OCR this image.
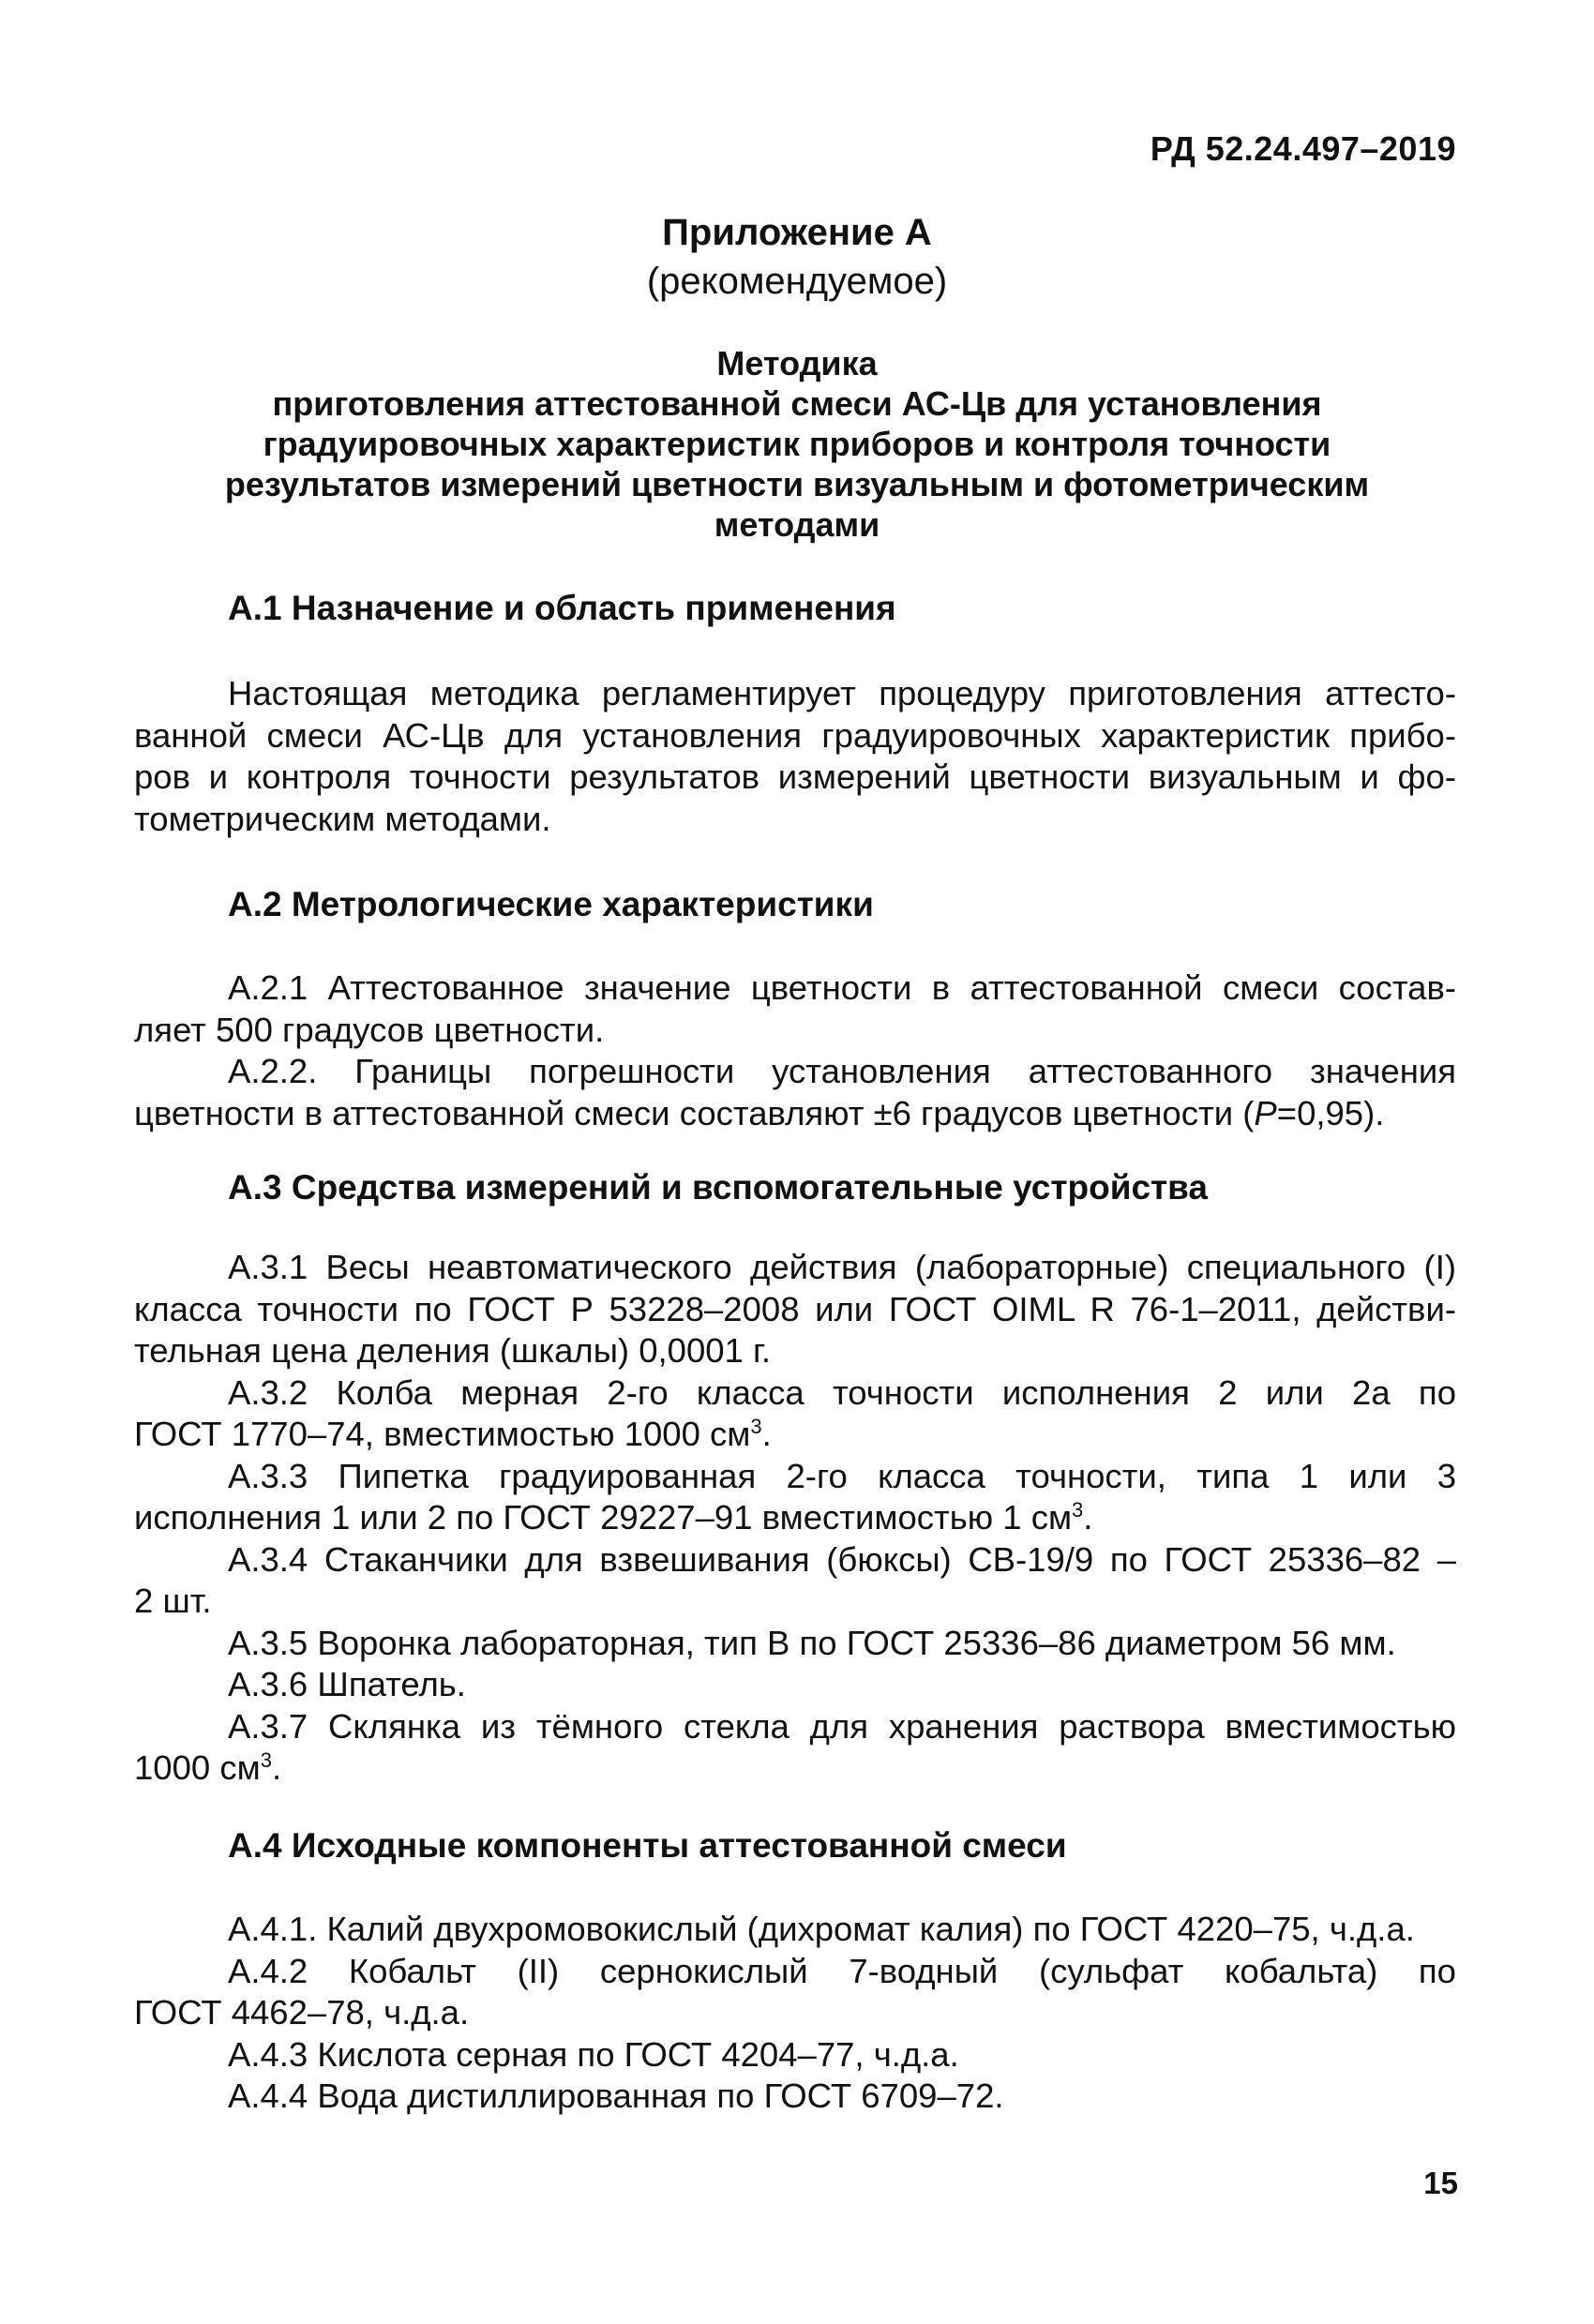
РД 52.24.497–2019
Приложение А
(рекомендуемое)
Методика
приготовления аттестованной смеси АС-Цв для установления
градуировочных характеристик приборов и контроля точности
результатов измерений цветности визуальным и фотометрическим
методами
А.1 Назначение и область применения
Настоящая методика регламентирует процедуру приготовления аттесто-
ванной смеси АС-Цв для установления градуировочных характеристик прибо-
ров и контроля точности результатов измерений цветности визуальным и фо-
тометрическим методами.
А.2 Метрологические характеристики
А.2.1 Аттестованное значение цветности в аттестованной смеси состав-
ляет 500 градусов цветности.
А.2.2. Границы погрешности установления аттестованного значения
цветности в аттестованной смеси составляют ±6 градусов цветности (Р=0,95).
А.3 Средства измерений и вспомогательные устройства
А.3.1 Весы неавтоматического действия (лабораторные) специального (I)
класса точности по ГОСТ Р 53228–2008 или ГОСТ OIML R 76-1–2011, действи-
тельная цена деления (шкалы) 0,0001 г.
А.3.2 Колба мерная 2-го класса точности исполнения 2 или 2а по
ГОСТ 1770–74, вместимостью 1000 $см^3$.
А.3.3 Пипетка градуированная 2-го класса точности, типа 1 или 3
исполнения 1 или 2 по ГОСТ 29227–91 вместимостью 1 $см^3$.
А.3.4 Стаканчики для взвешивания (бюксы) СВ-19/9 по ГОСТ 25336–82 –
2 шт.
А.3.5 Воронка лабораторная, тип В по ГОСТ 25336–86 диаметром 56 мм.
А.3.6 Шпатель.
А.3.7 Склянка из тёмного стекла для хранения раствора вместимостью
1000 $см^3$.
А.4 Исходные компоненты аттестованной смеси
А.4.1. Калий двухромовокислый (дихромат калия) по ГОСТ 4220–75, ч.д.а.
А.4.2 Кобальт (II) сернокислый 7-водный (сульфат кобальта) по
ГОСТ 4462–78, ч.д.а.
А.4.3 Кислота серная по ГОСТ 4204–77, ч.д.а.
А.4.4 Вода дистиллированная по ГОСТ 6709–72.
15
